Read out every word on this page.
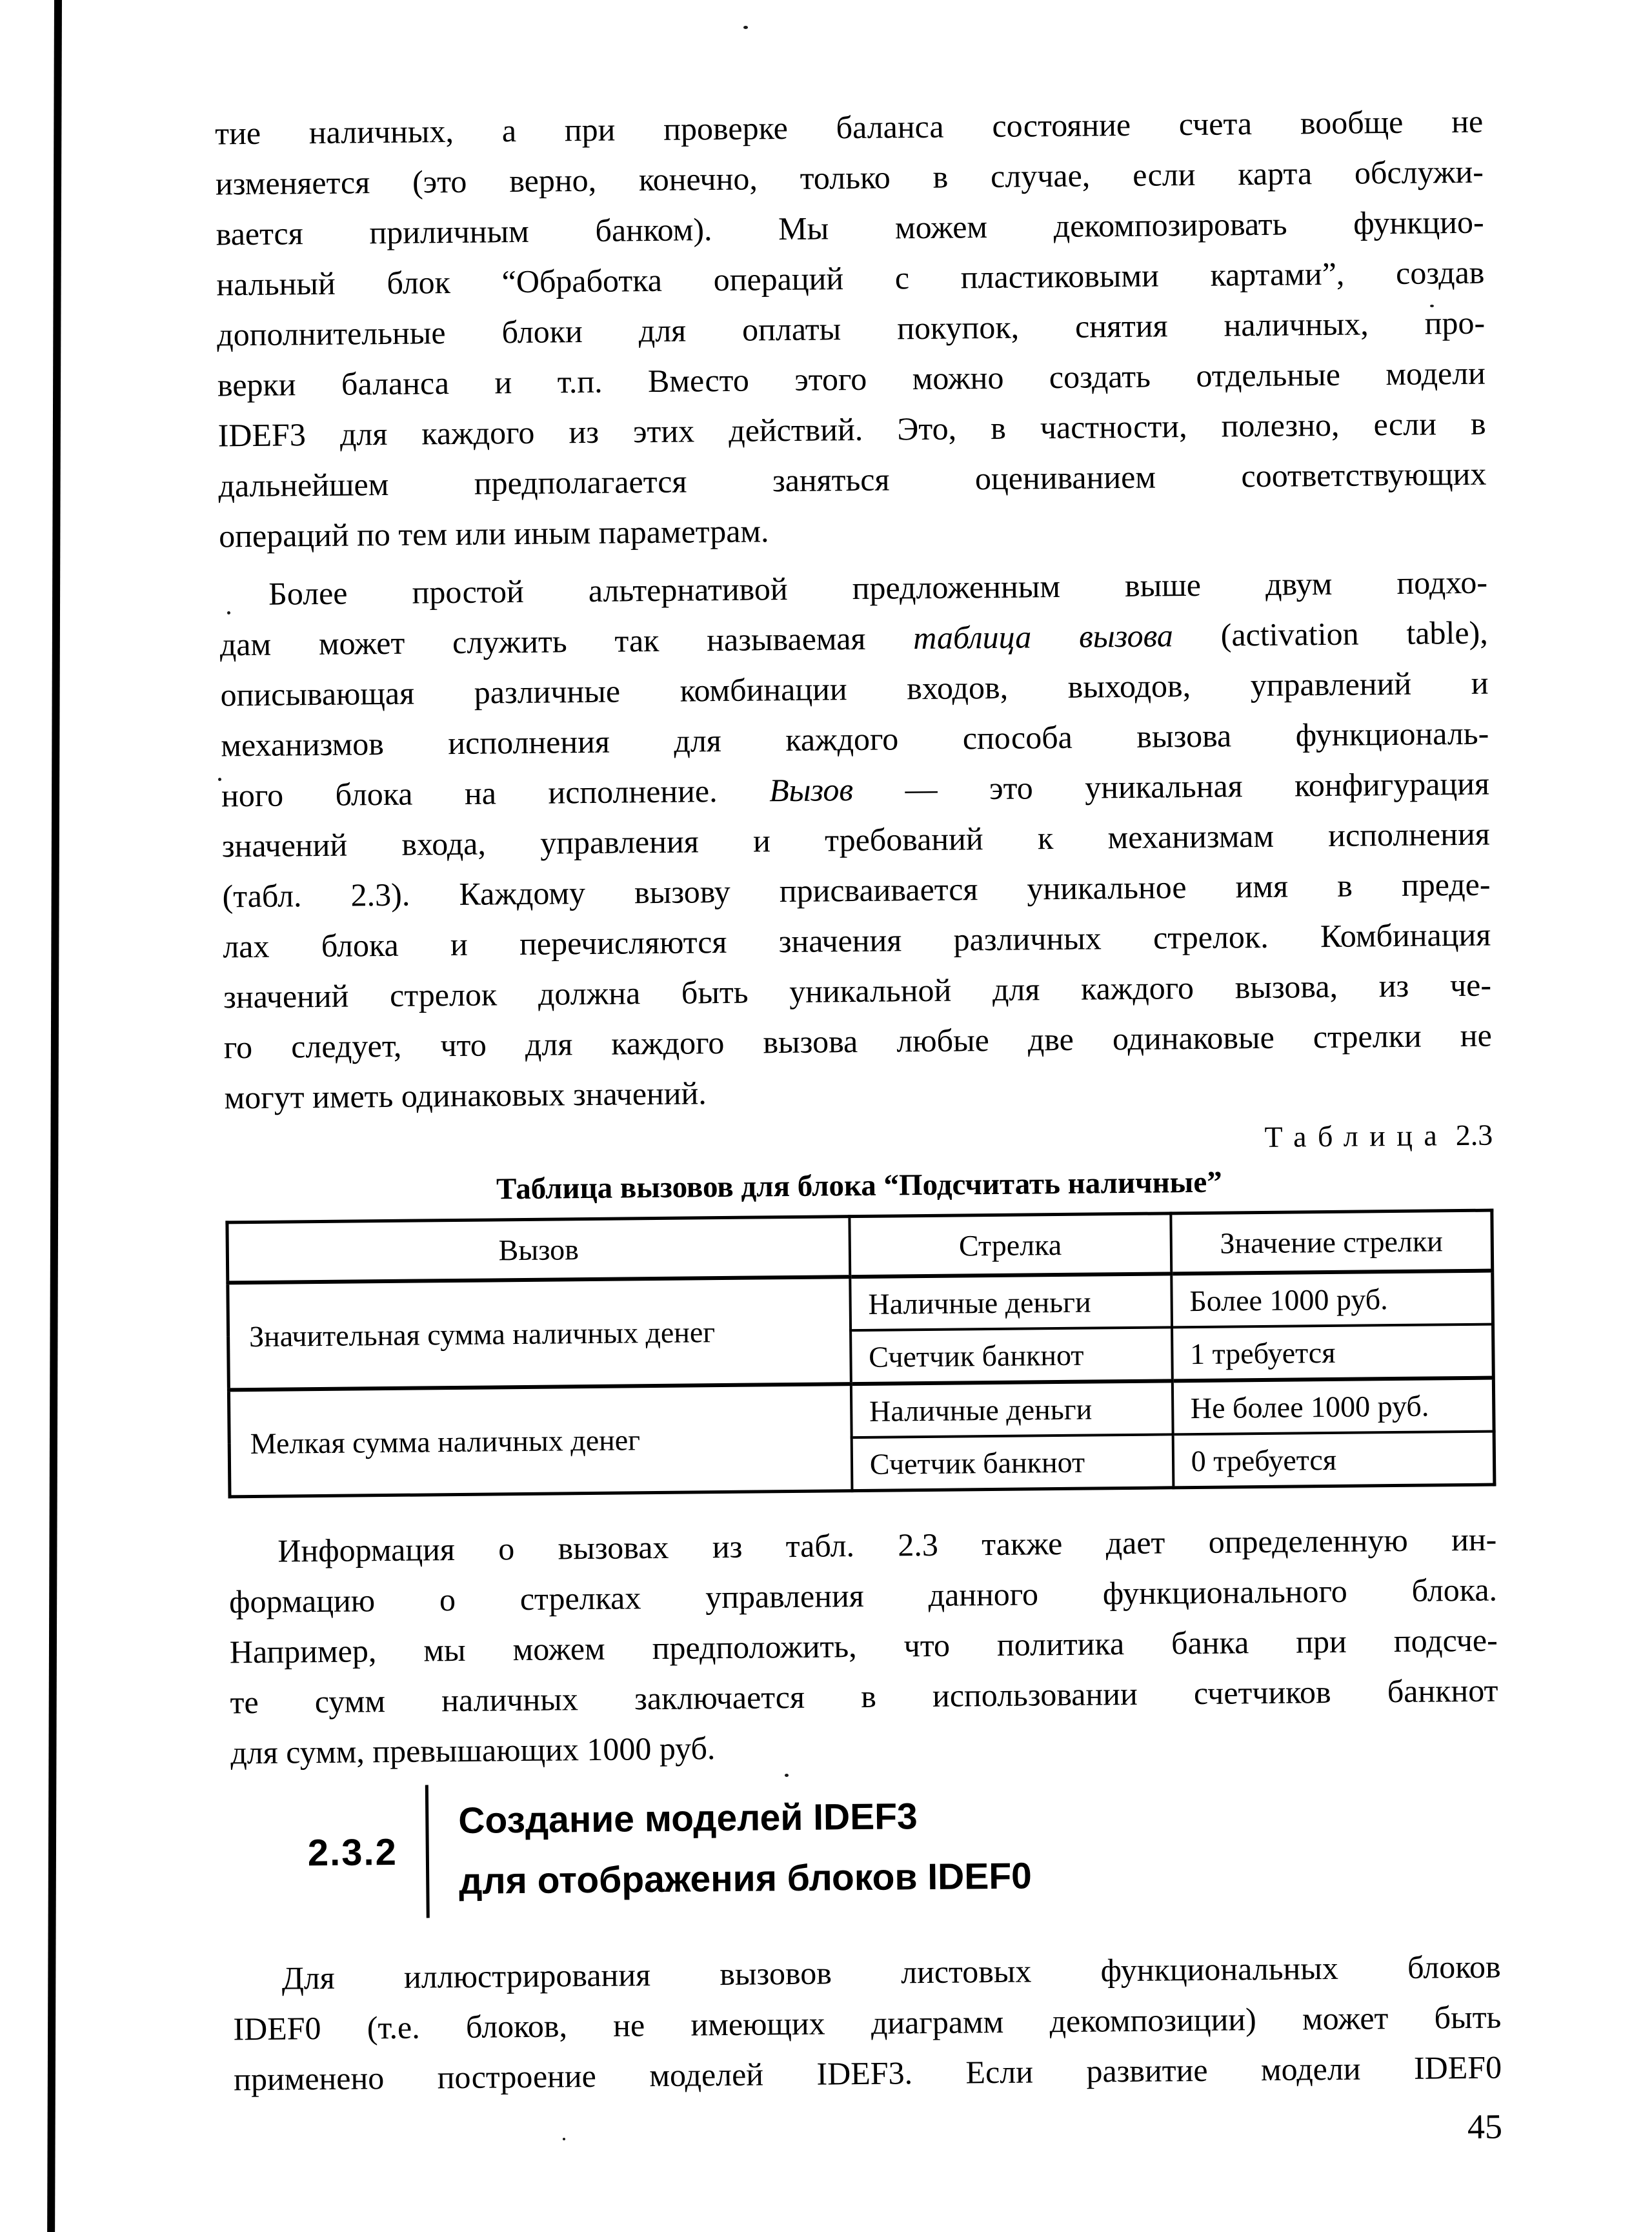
тие наличных, а при проверке баланса состояние счета вообще не
изменяется (это верно, конечно, только в случае, если карта обслужи-
вается приличным банком). Мы можем декомпозировать функцио-
нальный блок “Обработка операций с пластиковыми картами”, создав
дополнительные блоки для оплаты покупок, снятия наличных, про-
верки баланса и т.п. Вместо этого можно создать отдельные модели
IDEF3 для каждого из этих действий. Это, в частности, полезно, если в
дальнейшем предполагается заняться оцениванием соответствующих
операций по тем или иным параметрам.
Более простой альтернативой предложенным выше двум подхо-
дам может служить так называемая таблица вызова (activation table),
описывающая различные комбинации входов, выходов, управлений и
механизмов исполнения для каждого способа вызова функциональ-
ного блока на исполнение. Вызов — это уникальная конфигурация
значений входа, управления и требований к механизмам исполнения
(табл. 2.3). Каждому вызову присваивается уникальное имя в преде-
лах блока и перечисляются значения различных стрелок. Комбинация
значений стрелок должна быть уникальной для каждого вызова, из че-
го следует, что для каждого вызова любые две одинаковые стрелки не
могут иметь одинаковых значений.
Таблица 2.3
Таблица вызовов для блока “Подсчитать наличные”
Вызов	Стрелка	Значение стрелки
Значительная сумма наличных денег	Наличные деньги	Более 1000 руб.
	Счетчик банкнот	1 требуется
Мелкая сумма наличных денег	Наличные деньги	Не более 1000 руб.
	Счетчик банкнот	0 требуется
Информация о вызовах из табл. 2.3 также дает определенную ин-
формацию о стрелках управления данного функционального блока.
Например, мы можем предположить, что политика банка при подсче-
те сумм наличных заключается в использовании счетчиков банкнот
для сумм, превышающих 1000 руб.
2.3.2
Создание моделей IDEF3
для отображения блоков IDEF0
Для иллюстрирования вызовов листовых функциональных блоков
IDEF0 (т.е. блоков, не имеющих диаграмм декомпозиции) может быть
применено построение моделей IDEF3. Если развитие модели IDEF0
45
